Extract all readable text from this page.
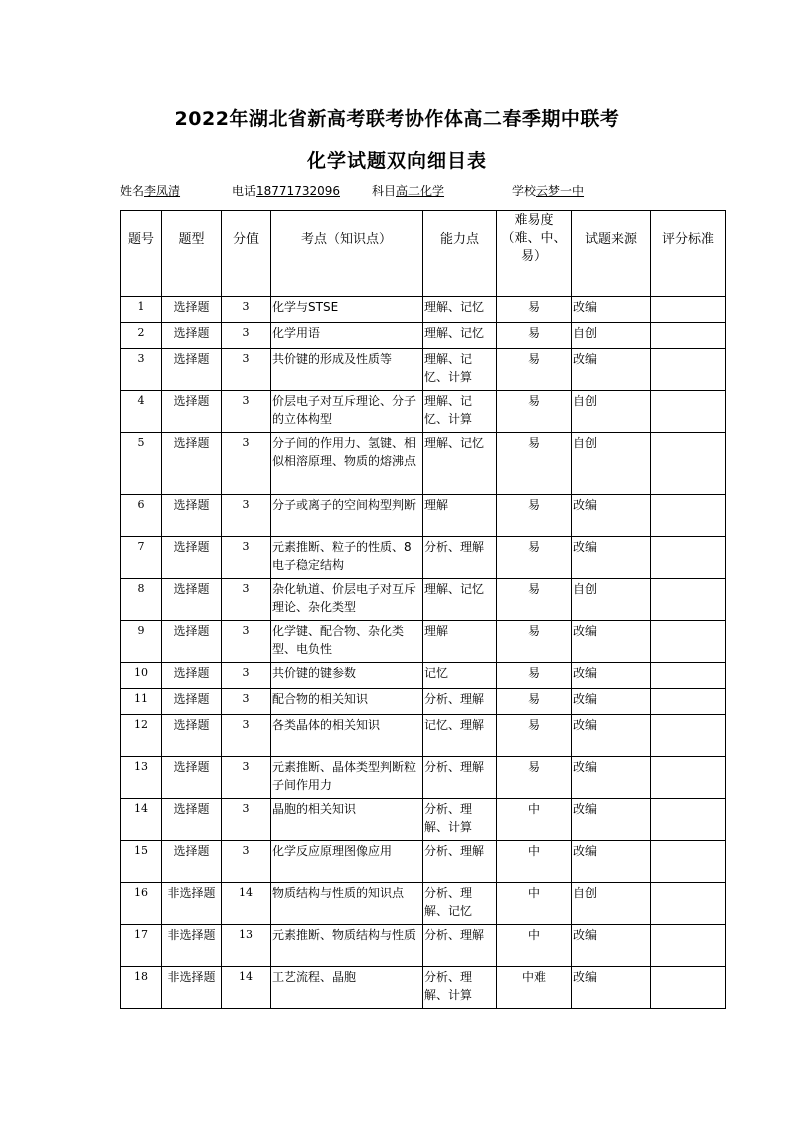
2022年湖北省新高考联考协作体高二春季期中联考
化学试题双向细目表
姓名李凤清	电话18771732096	科目高二化学	学校云梦一中
题号	题型	分值	考点（知识点）	能力点	难易度（难、中、易）	试题来源	评分标准
1	选择题	3	化学与STSE	理解、记忆	易	改编	
2	选择题	3	化学用语	理解、记忆	易	自创	
3	选择题	3	共价键的形成及性质等	理解、记忆、计算	易	改编	
4	选择题	3	价层电子对互斥理论、分子的立体构型	理解、记忆、计算	易	自创	
5	选择题	3	分子间的作用力、氢键、相似相溶原理、物质的熔沸点	理解、记忆	易	自创	
6	选择题	3	分子或离子的空间构型判断	理解	易	改编	
7	选择题	3	元素推断、粒子的性质、8电子稳定结构	分析、理解	易	改编	
8	选择题	3	杂化轨道、价层电子对互斥理论、杂化类型	理解、记忆	易	自创	
9	选择题	3	化学键、配合物、杂化类型、电负性	理解	易	改编	
10	选择题	3	共价键的键参数	记忆	易	改编	
11	选择题	3	配合物的相关知识	分析、理解	易	改编	
12	选择题	3	各类晶体的相关知识	记忆、理解	易	改编	
13	选择题	3	元素推断、晶体类型判断粒子间作用力	分析、理解	易	改编	
14	选择题	3	晶胞的相关知识	分析、理解、计算	中	改编	
15	选择题	3	化学反应原理图像应用	分析、理解	中	改编	
16	非选择题	14	物质结构与性质的知识点	分析、理解、记忆	中	自创	
17	非选择题	13	元素推断、物质结构与性质	分析、理解	中	改编	
18	非选择题	14	工艺流程、晶胞	分析、理解、计算	中难	改编	
